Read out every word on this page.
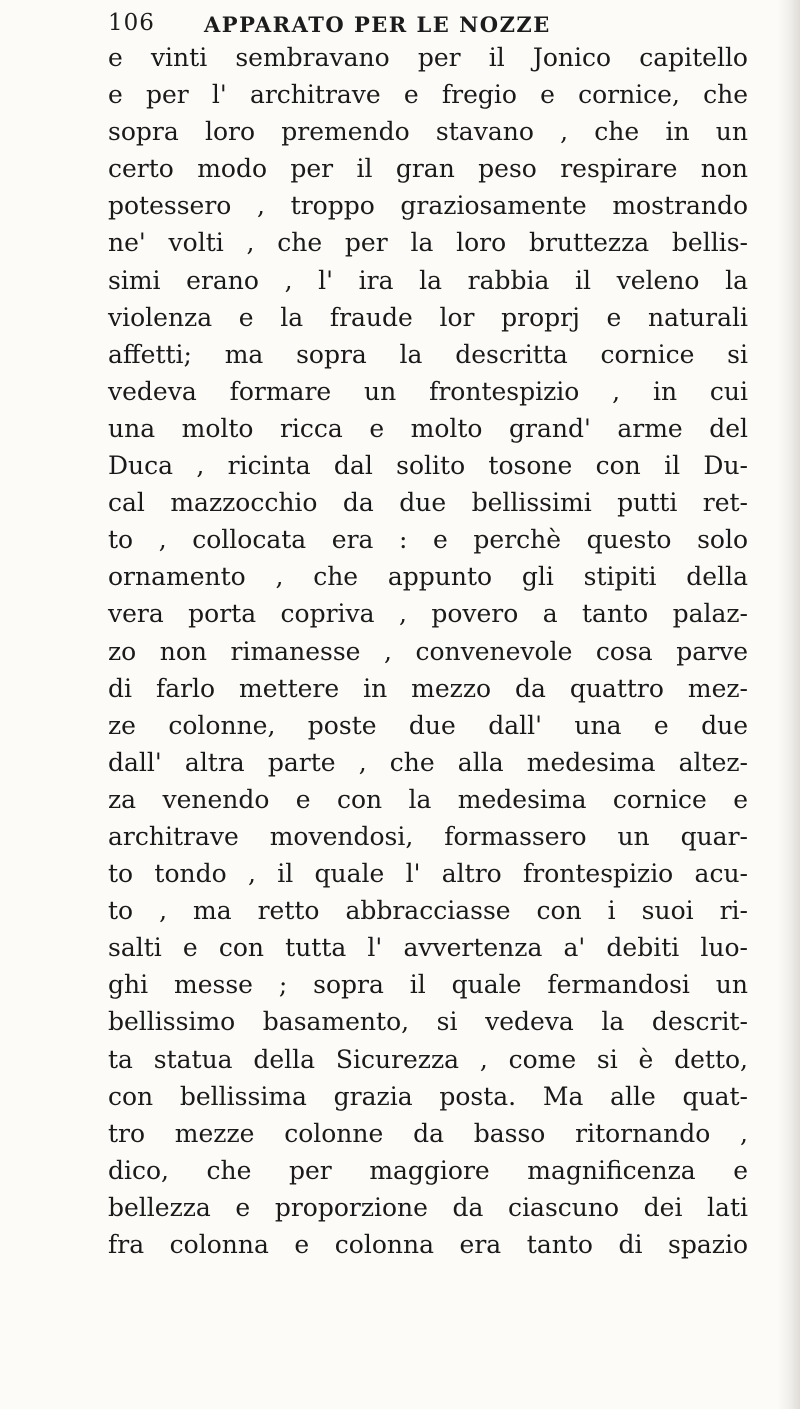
106 APPARATO PER LE NOZZE
e vinti sembravano per il Jonico capitello
e per l' architrave e fregio e cornice, che
sopra loro premendo stavano , che in un
certo modo per il gran peso respirare non
potessero , troppo graziosamente mostrando
ne' volti , che per la loro bruttezza bellis-
simi erano , l' ira la rabbia il veleno la
violenza e la fraude lor proprj e naturali
affetti; ma sopra la descritta cornice si
vedeva formare un frontespizio , in cui
una molto ricca e molto grand' arme del
Duca , ricinta dal solito tosone con il Du-
cal mazzocchio da due bellissimi putti ret-
to , collocata era : e perchè questo solo
ornamento , che appunto gli stipiti della
vera porta copriva , povero a tanto palaz-
zo non rimanesse , convenevole cosa parve
di farlo mettere in mezzo da quattro mez-
ze colonne, poste due dall' una e due
dall' altra parte , che alla medesima altez-
za venendo e con la medesima cornice e
architrave movendosi, formassero un quar-
to tondo , il quale l' altro frontespizio acu-
to , ma retto abbracciasse con i suoi ri-
salti e con tutta l' avvertenza a' debiti luo-
ghi messe ; sopra il quale fermandosi un
bellissimo basamento, si vedeva la descrit-
ta statua della Sicurezza , come si è detto,
con bellissima grazia posta. Ma alle quat-
tro mezze colonne da basso ritornando ,
dico, che per maggiore magnificenza e
bellezza e proporzione da ciascuno dei lati
fra colonna e colonna era tanto di spazio
